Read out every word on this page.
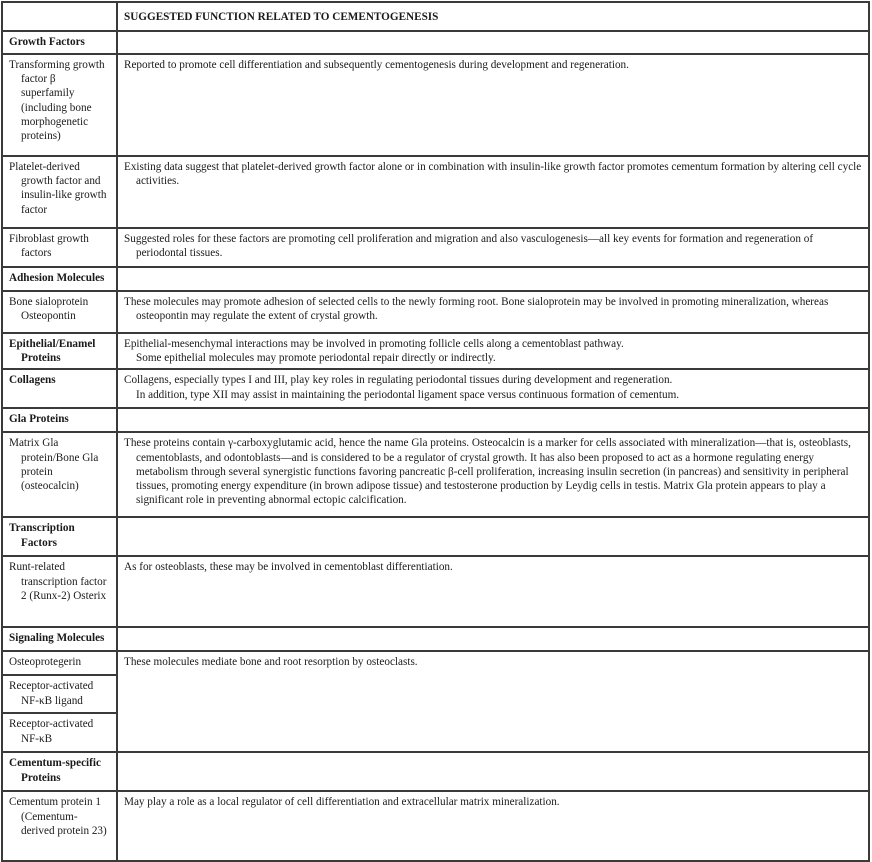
	SUGGESTED FUNCTION RELATED TO CEMENTOGENESIS

Growth Factors	

Transforming growth factor β superfamily (including bone morphogenetic proteins)	Reported to promote cell differentiation and subsequently cementogenesis during development and regeneration.

Platelet-derived growth factor and insulin-like growth factor	Existing data suggest that platelet-derived growth factor alone or in combination with insulin-like growth factor promotes cementum formation by altering cell cycle activities.

Fibroblast growth factors	Suggested roles for these factors are promoting cell proliferation and migration and also vasculogenesis—all key events for formation and regeneration of periodontal tissues.

Adhesion Molecules	

Bone sialoprotein Osteopontin	These molecules may promote adhesion of selected cells to the newly forming root. Bone sialoprotein may be involved in promoting mineralization, whereas osteopontin may regulate the extent of crystal growth.

Epithelial/Enamel Proteins	Epithelial-mesenchymal interactions may be involved in promoting follicle cells along a cementoblast pathway.

Some epithelial molecules may promote periodontal repair directly or indirectly.

Collagens	Collagens, especially types I and III, play key roles in regulating periodontal tissues during development and regeneration.

In addition, type XII may assist in maintaining the periodontal ligament space versus continuous formation of cementum.

Gla Proteins	

Matrix Gla protein/Bone Gla protein (osteocalcin)	These proteins contain γ-carboxyglutamic acid, hence the name Gla proteins. Osteocalcin is a marker for cells associated with mineralization—that is, osteoblasts, cementoblasts, and odontoblasts—and is considered to be a regulator of crystal growth. It has also been proposed to act as a hormone regulating energy metabolism through several synergistic functions favoring pancreatic β-cell proliferation, increasing insulin secretion (in pancreas) and sensitivity in peripheral tissues, promoting energy expenditure (in brown adipose tissue) and testosterone production by Leydig cells in testis. Matrix Gla protein appears to play a significant role in preventing abnormal ectopic calcification.

Transcription Factors	

Runt-related transcription factor 2 (Runx-2) Osterix	As for osteoblasts, these may be involved in cementoblast differentiation.

Signaling Molecules	

Osteoprotegerin	These molecules mediate bone and root resorption by osteoclasts.

Receptor-activated NF-κB ligand	

Receptor-activated NF-κB	

Cementum-specific Proteins	

Cementum protein 1 (Cementum-derived protein 23)	May play a role as a local regulator of cell differentiation and extracellular matrix mineralization.
